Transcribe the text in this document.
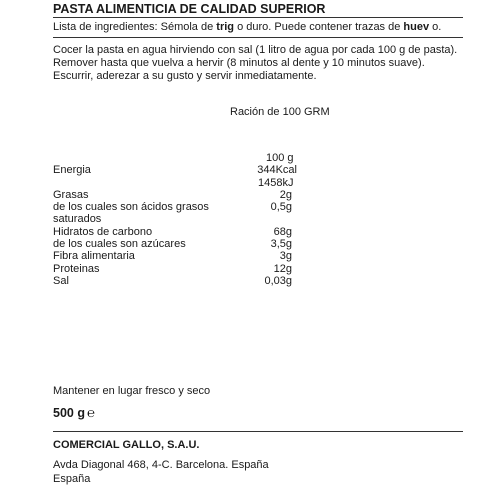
PASTA ALIMENTICIA DE CALIDAD SUPERIOR
Lista de ingredientes: Sémola de trig o duro. Puede contener trazas de huev o.
Cocer la pasta en agua hirviendo con sal (1 litro de agua por cada 100 g de pasta).
Remover hasta que vuelva a hervir (8 minutos al dente y 10 minutos suave).
Escurrir, aderezar a su gusto y servir inmediatamente.
Ración de 100 GRM
100 g
Energia	344Kcal
1458kJ
Grasas	2g
de los cuales son ácidos grasos	0,5g
saturados
Hidratos de carbono	68g
de los cuales son azúcares	3,5g
Fibra alimentaria	3g
Proteinas	12g
Sal	0,03g
Mantener en lugar fresco y seco
500 g ℮
COMERCIAL GALLO, S.A.U.
Avda Diagonal 468, 4-C. Barcelona. España
España
